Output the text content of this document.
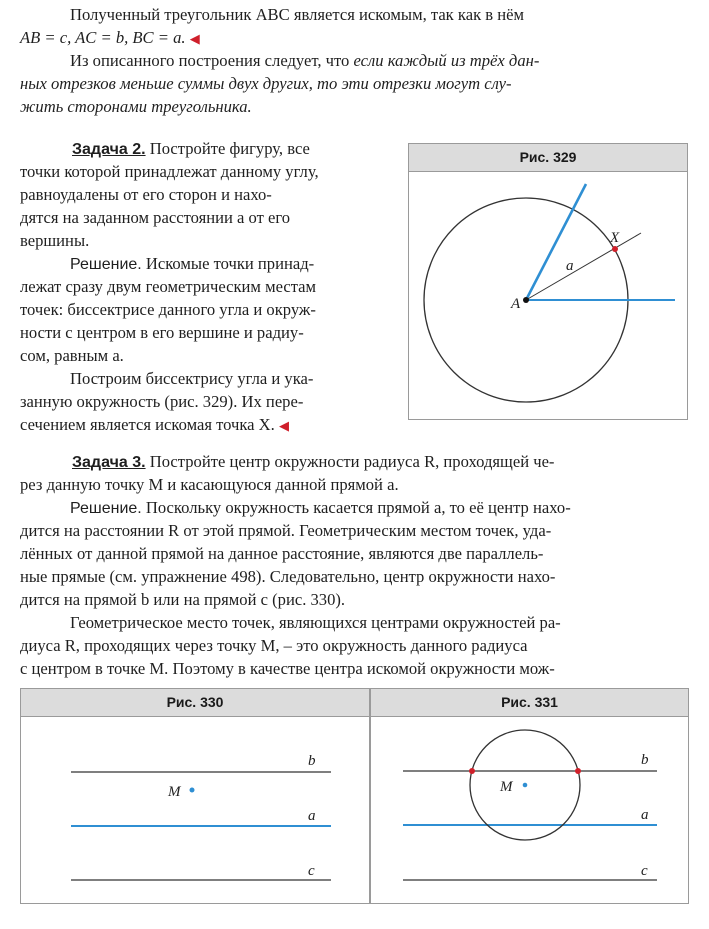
Полученный треугольник ABC является искомым, так как в нём

AB = c, AC = b, BC = a. ◀

Из описанного построения следует, что если каждый из трёх дан-

ных отрезков меньше суммы двух других, то эти отрезки могут слу-

жить сторонами треугольника.

Задача 2. Постройте фигуру, все

точки которой принадлежат данному углу,

равноудалены от его сторон и нахо-

дятся на заданном расстоянии a от его

вершины.

Решение. Искомые точки принад-

лежат сразу двум геометрическим местам

точек: биссектрисе данного угла и окруж-

ности с центром в его вершине и радиу-

сом, равным a.

Построим биссектрису угла и ука-

занную окружность (рис. 329). Их пере-

сечением является искомая точка X. ◀

Рис. 329
A
X
a

Задача 3. Постройте центр окружности радиуса R, проходящей че-

рез данную точку M и касающуюся данной прямой a.

Решение. Поскольку окружность касается прямой a, то её центр нахо-

дится на расстоянии R от этой прямой. Геометрическим местом точек, уда-

лённых от данной прямой на данное расстояние, являются две параллель-

ные прямые (см. упражнение 498). Следовательно, центр окружности нахо-

дится на прямой b или на прямой c (рис. 330).

Геометрическое место точек, являющихся центрами окружностей ра-

диуса R, проходящих через точку M, – это окружность данного радиуса

с центром в точке M. Поэтому в качестве центра искомой окружности мож-

Рис. 330
b
M
a
c
Рис. 331
b
M
a
c
